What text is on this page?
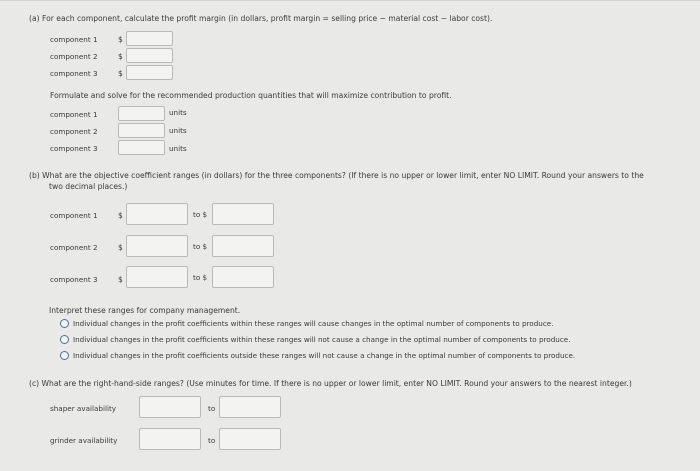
(a) For each component, calculate the profit margin (in dollars, profit margin = selling price − material cost − labor cost).
component 1	$
component 2	$
component 3	$
Formulate and solve for the recommended production quantities that will maximize contribution to profit.
component 1	units
component 2	units
component 3	units
(b) What are the objective coefficient ranges (in dollars) for the three components? (If there is no upper or lower limit, enter NO LIMIT. Round your answers to the
two decimal places.)
component 1	$	to $
component 2	$	to $
component 3	$	to $
Interpret these ranges for company management.
Individual changes in the profit coefficients within these ranges will cause changes in the optimal number of components to produce.
Individual changes in the profit coefficients within these ranges will not cause a change in the optimal number of components to produce.
Individual changes in the profit coefficients outside these ranges will not cause a change in the optimal number of components to produce.
(c) What are the right-hand-side ranges? (Use minutes for time. If there is no upper or lower limit, enter NO LIMIT. Round your answers to the nearest integer.)
shaper availability	to
grinder availability	to
